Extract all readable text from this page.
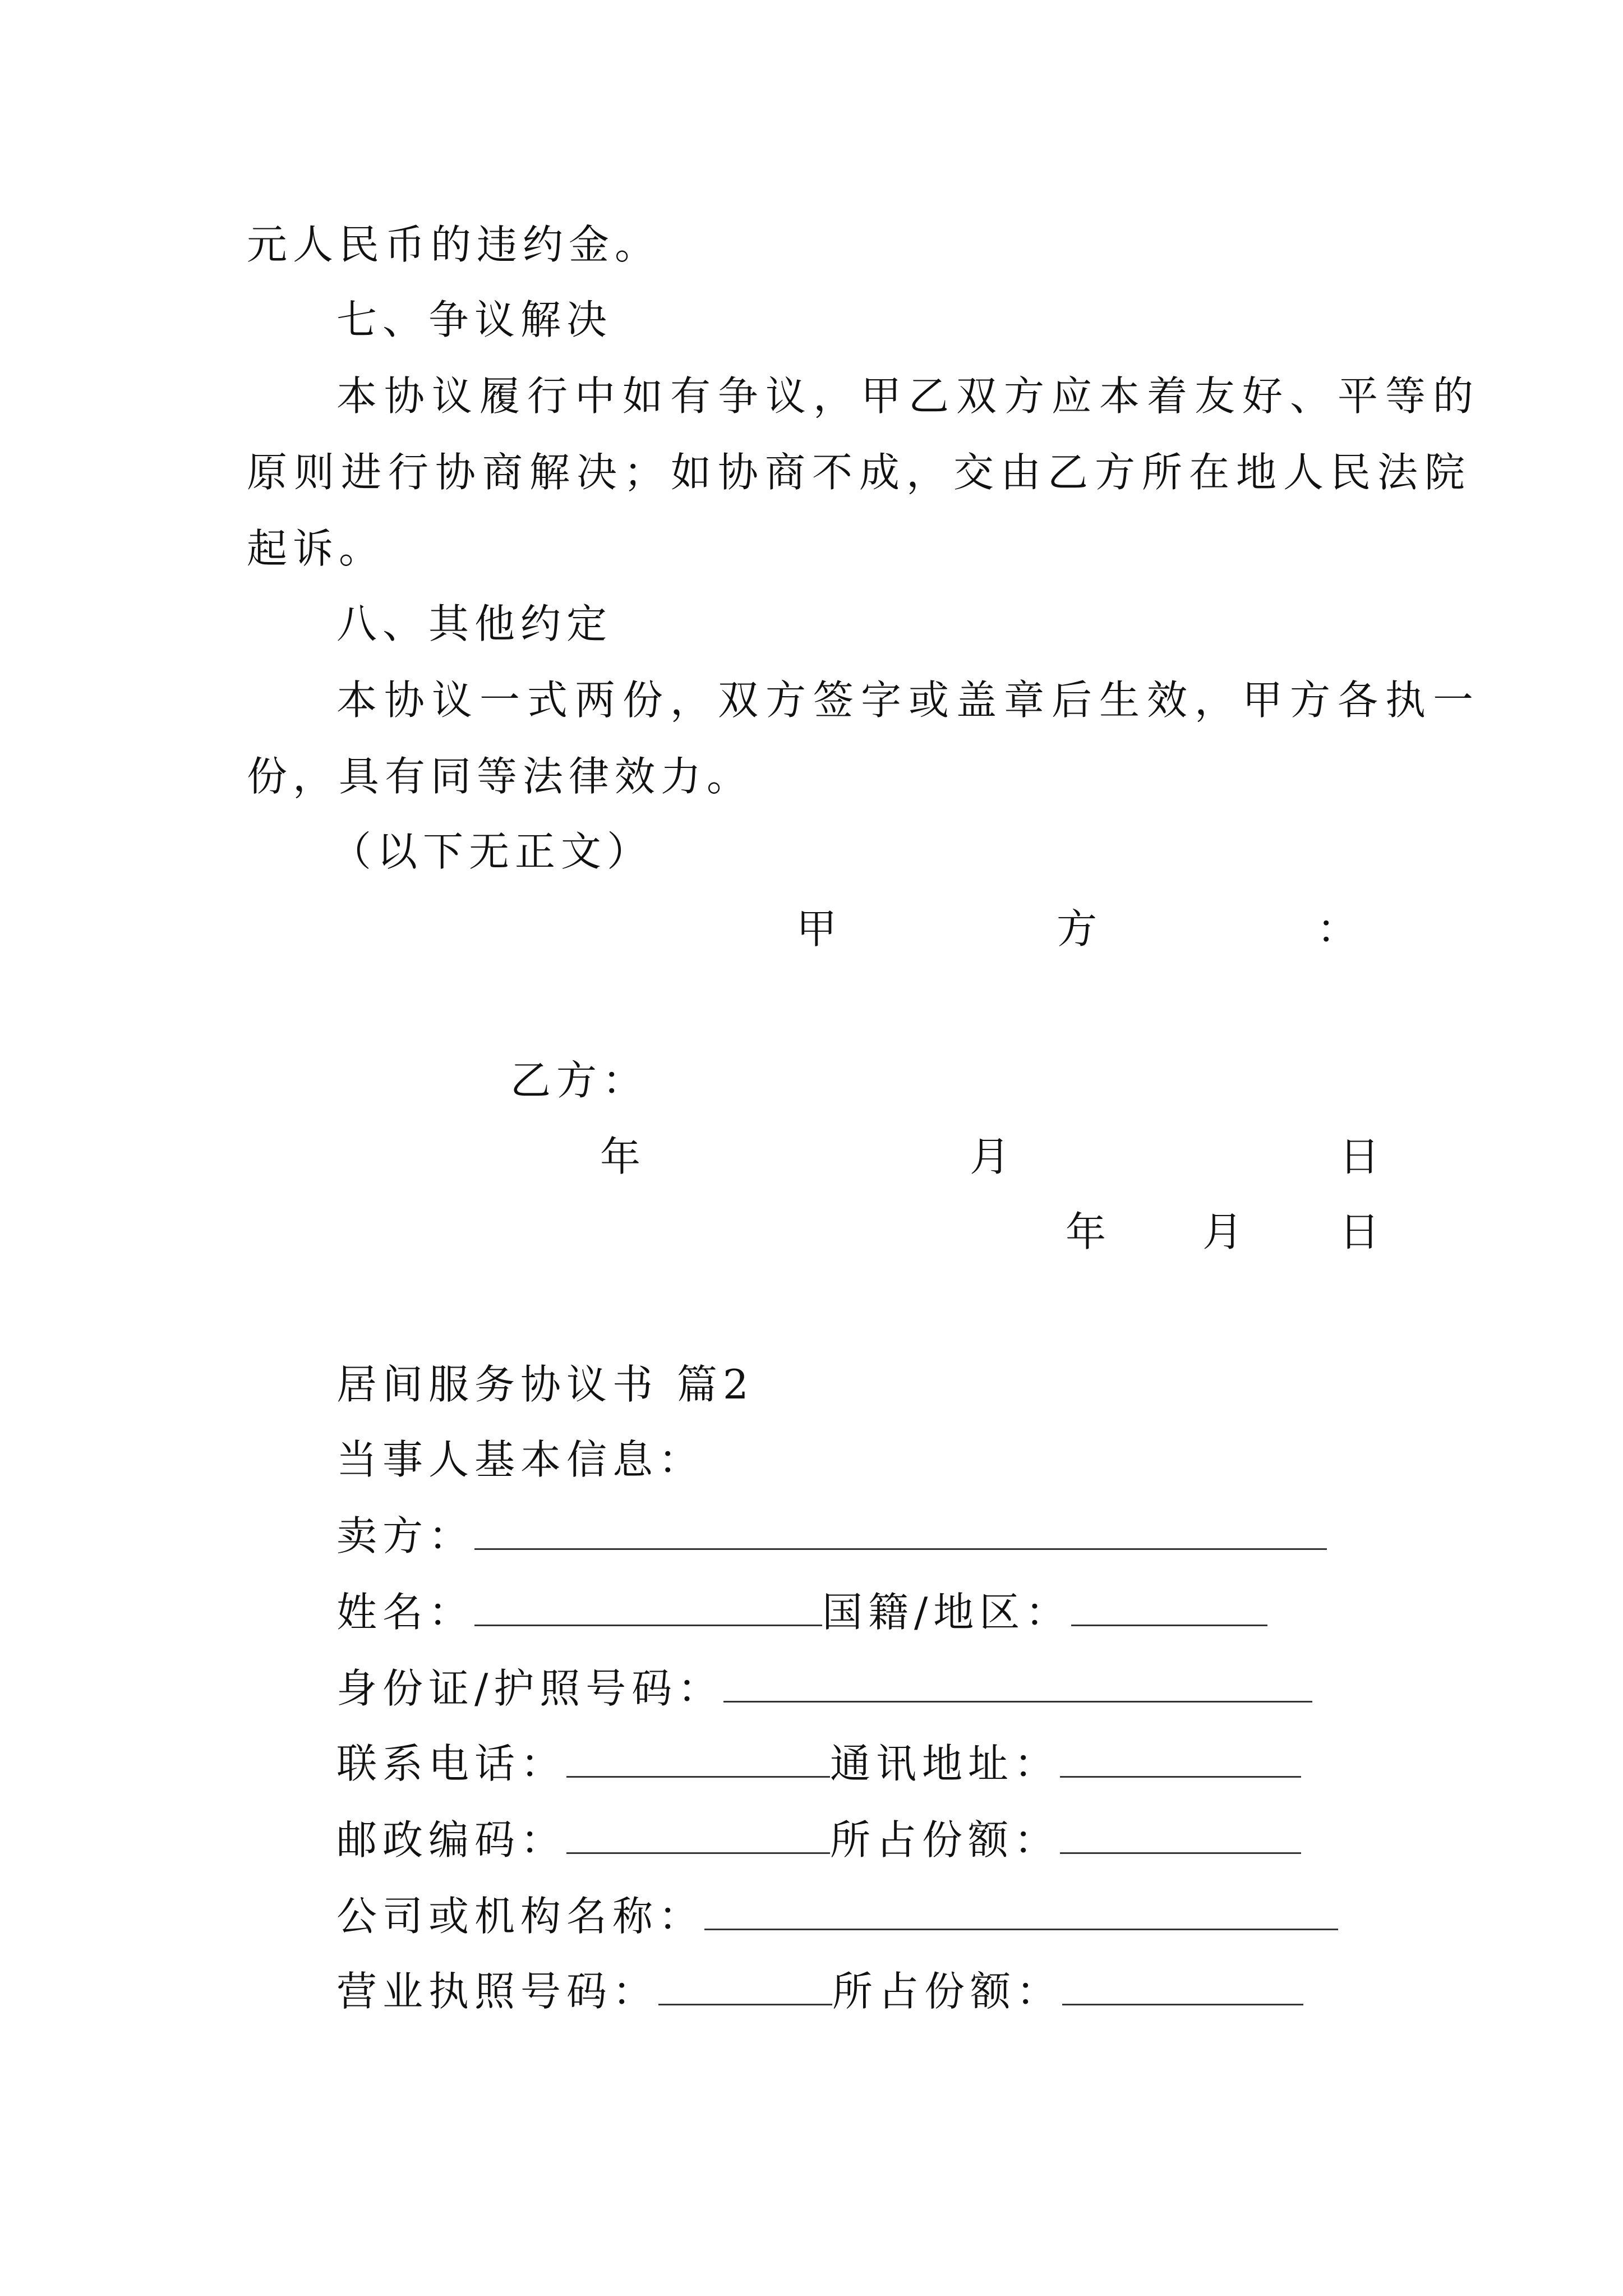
元人民币的违约金。
七、争议解决
本协议履行中如有争议，甲乙双方应本着友好、平等的
原则进行协商解决；如协商不成，交由乙方所在地人民法院
起诉。
八、其他约定
本协议一式两份，双方签字或盖章后生效，甲方各执一
份，具有同等法律效力。
（以下无正文）
甲	方	：
乙方：
年	月	日
年 月 日
居间服务协议书 篇2
当事人基本信息：
卖方：
姓名：	国籍/地区：
身份证/护照号码：
联系电话：	通讯地址：
邮政编码：	所占份额：
公司或机构名称：
营业执照号码：	所占份额：
